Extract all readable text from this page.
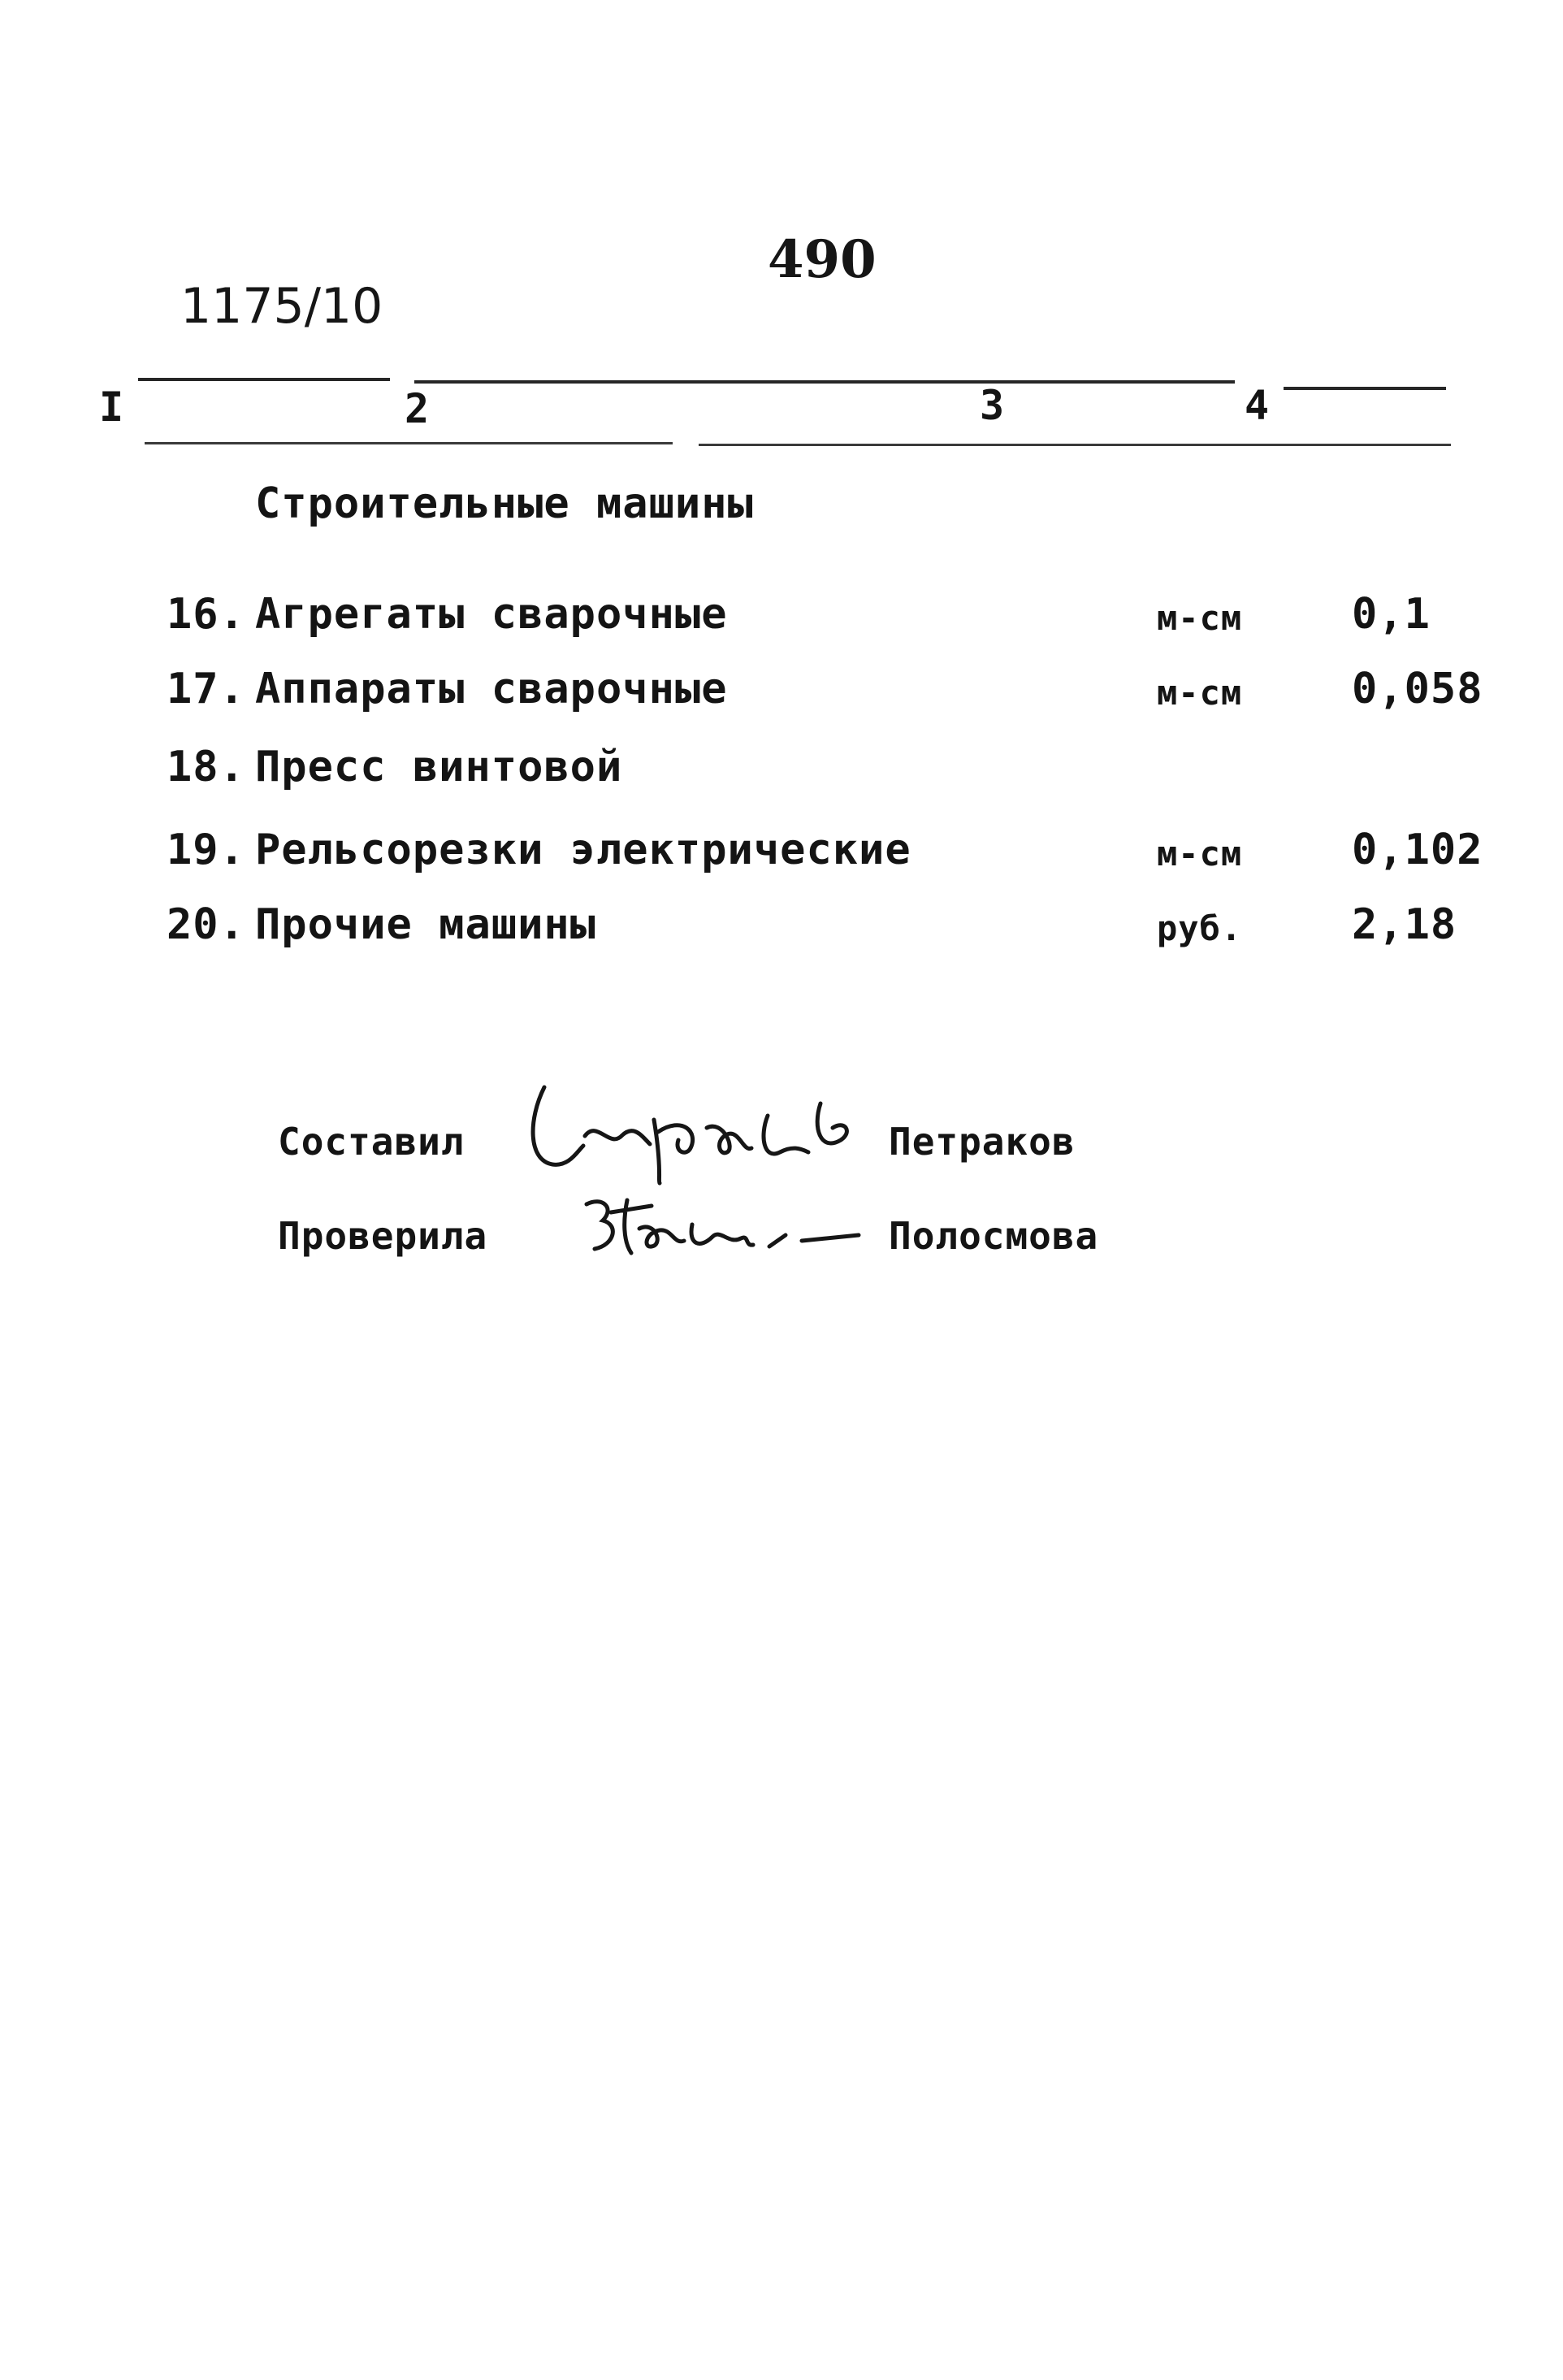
1175/10
490
I	2	3	4
Строительные машины
16. Агрегаты сварочные	м-см	0,1
17. Аппараты сварочные	м-см	0,058
18. Пресс винтовой
19. Рельсорезки электрические	м-см	0,102
20. Прочие машины	руб.	2,18
Составил	Петраков
Проверила	Полосмова
